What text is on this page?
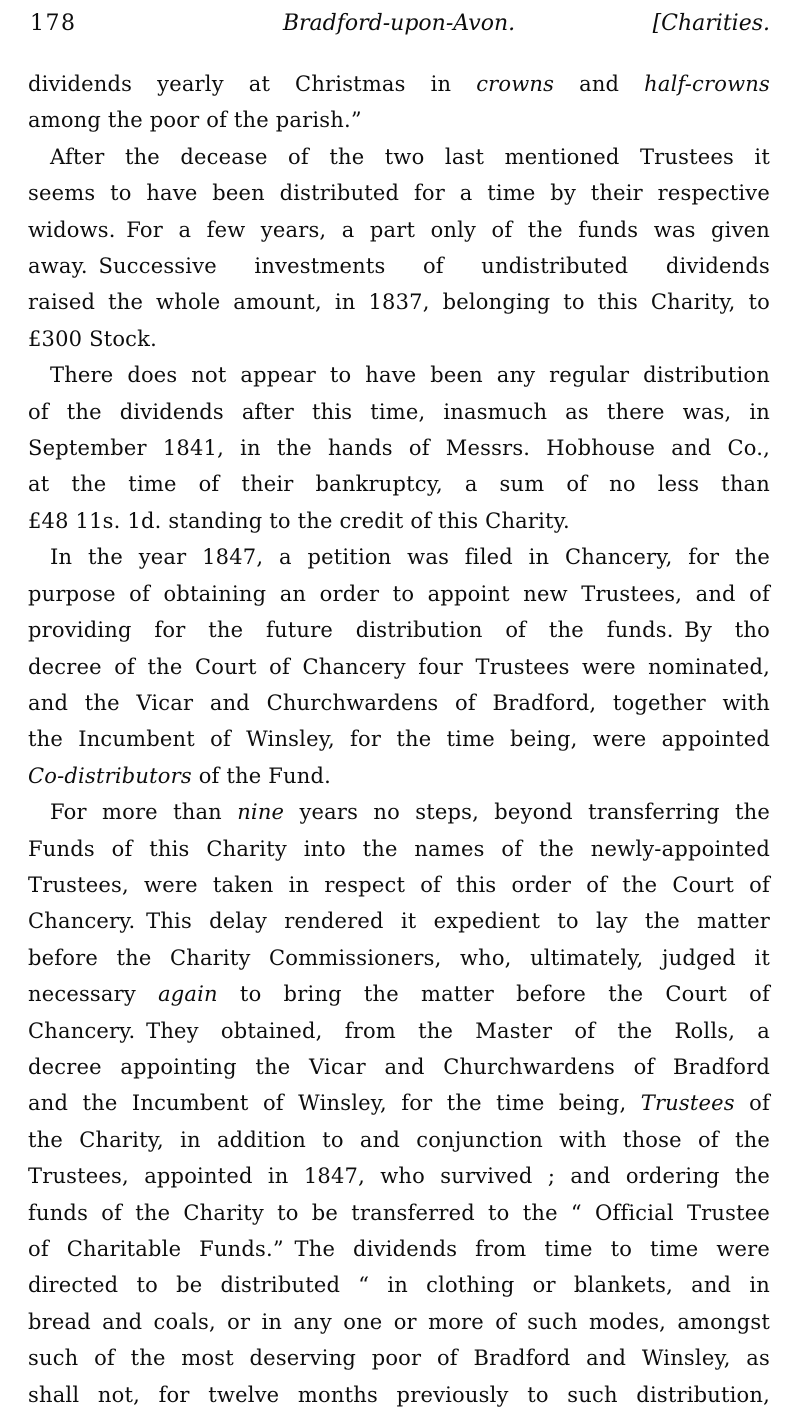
178	Bradford-upon-Avon.	[Charities.

dividends yearly at Christmas in crowns and half-crowns
among the poor of the parish.”

After the decease of the two last mentioned Trustees it
seems to have been distributed for a time by their respective
widows. For a few years, a part only of the funds was given
away. Successive investments of undistributed dividends
raised the whole amount, in 1837, belonging to this Charity, to
£300 Stock.

There does not appear to have been any regular distribution
of the dividends after this time, inasmuch as there was, in
September 1841, in the hands of Messrs. Hobhouse and Co.,
at the time of their bankruptcy, a sum of no less than
£48 11s. 1d. standing to the credit of this Charity.

In the year 1847, a petition was filed in Chancery, for the
purpose of obtaining an order to appoint new Trustees, and of
providing for the future distribution of the funds. By tho
decree of the Court of Chancery four Trustees were nominated,
and the Vicar and Churchwardens of Bradford, together with
the Incumbent of Winsley, for the time being, were appointed
Co-distributors of the Fund.

For more than nine years no steps, beyond transferring the
Funds of this Charity into the names of the newly-appointed
Trustees, were taken in respect of this order of the Court of
Chancery. This delay rendered it expedient to lay the matter
before the Charity Commissioners, who, ultimately, judged it
necessary again to bring the matter before the Court of
Chancery. They obtained, from the Master of the Rolls, a
decree appointing the Vicar and Churchwardens of Bradford
and the Incumbent of Winsley, for the time being, Trustees of
the Charity, in addition to and conjunction with those of the
Trustees, appointed in 1847, who survived ; and ordering the
funds of the Charity to be transferred to the “ Official Trustee
of Charitable Funds.” The dividends from time to time were
directed to be distributed “ in clothing or blankets, and in
bread and coals, or in any one or more of such modes, amongst
such of the most deserving poor of Bradford and Winsley, as
shall not, for twelve months previously to such distribution,
